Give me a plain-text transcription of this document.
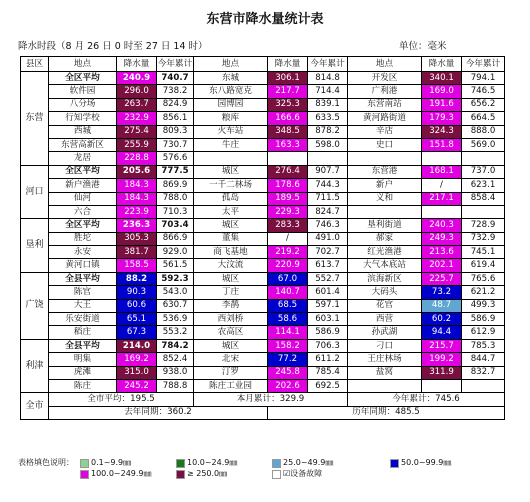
东营市降水量统计表
降水时段（8 月 26 日 0 时至 27 日 14 时）	单位：毫米
县区	地点	降水量	今年累计	地点	降水量	今年累计	地点	降水量	今年累计
东营	全区平均	240.9	740.7	东城	306.1	814.8	开发区	340.1	794.1
	软件园	296.0	738.2	东八路宽克	217.7	714.4	广利港	169.0	746.5
	八分场	263.7	824.9	园博园	325.3	839.1	东营南站	191.6	656.2
	行知学校	232.9	856.1	粮库	166.6	633.5	黄河路街道	179.3	664.5
	西城	275.4	809.3	火车站	348.5	878.2	辛店	324.3	888.0
	东营高新区	255.9	730.7	牛庄	163.3	598.0	史口	151.8	569.0
	龙居	228.8	576.6						
河口	全区平均	205.6	777.5	城区	276.4	907.7	东营港	168.1	737.0
	新户渔港	184.3	869.9	一千二林场	178.6	744.3	新户	/	623.1
	仙河	184.3	788.0	孤岛	189.5	711.5	义和	217.1	858.4
	六合	223.9	710.3	太平	229.3	824.7			
垦利	全区平均	236.3	703.4	城区	283.3	746.3	垦利街道	240.3	728.9
	胜坨	305.3	866.9	董集	/	491.0	郝家	249.3	732.9
	永安	381.7	929.0	商飞基地	219.2	702.7	红光渔港	213.6	745.1
	黄河口镇	158.5	561.5	大汶流	220.9	613.7	大气本底站	202.1	619.4
广饶	全县平均	88.2	592.3	城区	67.0	552.7	滨海新区	225.7	765.6
	陈官	90.3	543.0	丁庄	140.7	601.4	大码头	73.2	621.2
	大王	60.6	630.7	李鹊	68.5	597.1	花官	48.7	499.3
	乐安街道	65.1	536.9	西刘桥	58.6	603.1	西营	60.2	586.9
	稻庄	67.3	553.2	农高区	114.1	586.9	孙武湖	94.4	612.9
利津	全县平均	214.0	784.2	城区	158.2	706.3	刁口	215.7	785.3
	明集	169.2	852.4	北宋	77.2	611.2	王庄林场	199.2	844.7
	虎滩	315.0	938.0	汀罗	245.8	785.4	盐窝	311.9	832.7
	陈庄	245.2	788.8	陈庄工业园	202.6	692.5			
全市	全市平均：195.5			本月累计：329.9			今年累计：745.6		
	去年同期：360.2				历年同期：485.5				
表格填色说明： 0.1~9.9㎜	10.0~24.9㎜	25.0~49.9㎜	50.0~99.9㎜
100.0~249.9㎜	≥ 250.0㎜	☑设备故障
